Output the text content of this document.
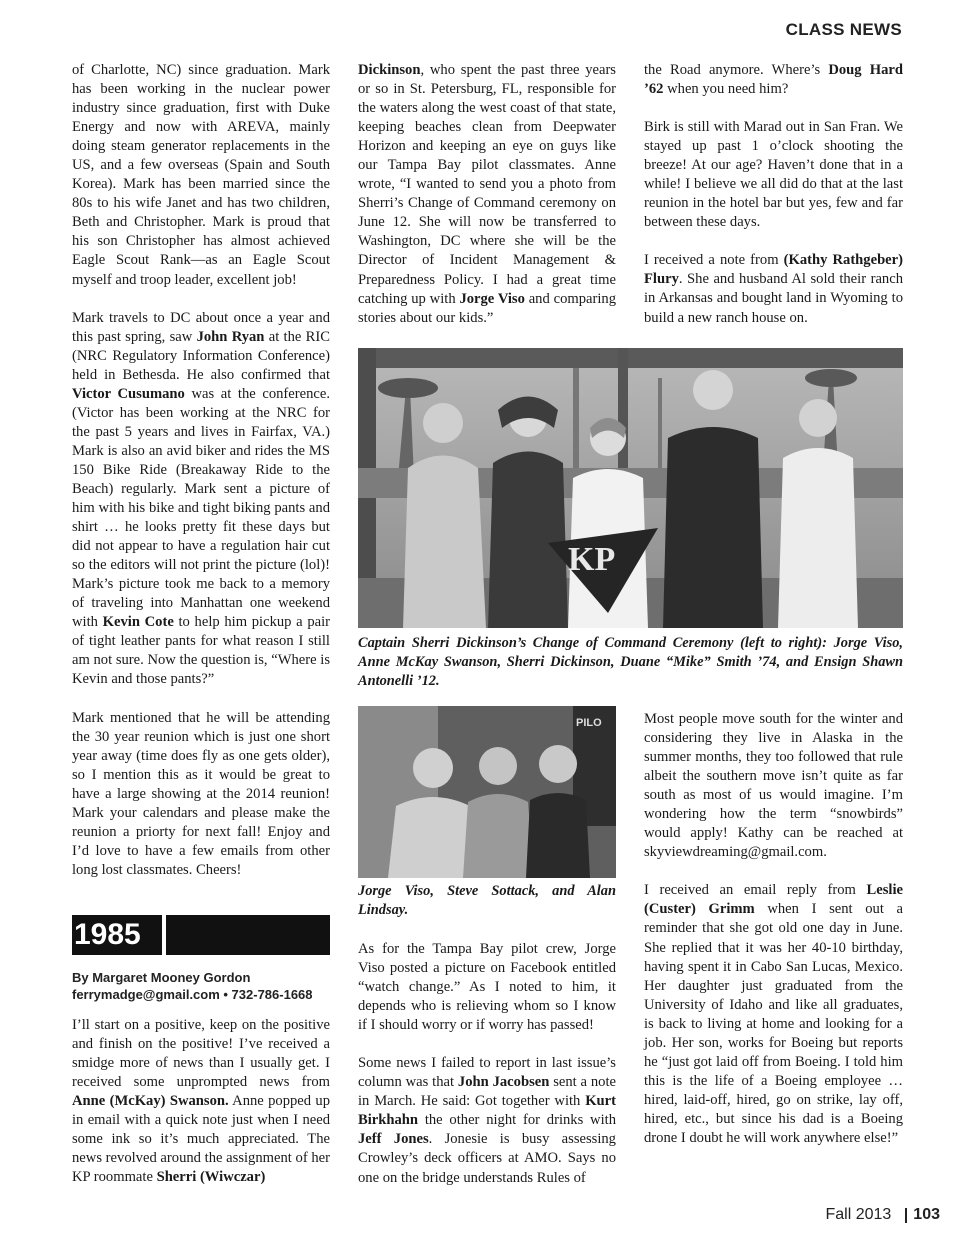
CLASS NEWS

of Charlotte, NC) since graduation. Mark has been working in the nuclear power industry since graduation, first with Duke Energy and now with AREVA, mainly doing steam generator replacements in the US, and a few overseas (Spain and South Korea). Mark has been married since the 80s to his wife Janet and has two children, Beth and Christopher. Mark is proud that his son Christopher has almost achieved Eagle Scout Rank—as an Eagle Scout myself and troop leader, excellent job!

Mark travels to DC about once a year and this past spring, saw John Ryan at the RIC (NRC Regulatory Information Conference) held in Bethesda. He also confirmed that Victor Cusumano was at the conference. (Victor has been working at the NRC for the past 5 years and lives in Fairfax, VA.) Mark is also an avid biker and rides the MS 150 Bike Ride (Breakaway Ride to the Beach) regularly. Mark sent a picture of him with his bike and tight biking pants and shirt … he looks pretty fit these days but did not appear to have a regulation hair cut so the editors will not print the picture (lol)! Mark’s picture took me back to a memory of traveling into Manhattan one weekend with Kevin Cote to help him pickup a pair of tight leather pants for what reason I still am not sure. Now the question is, “Where is Kevin and those pants?”

Mark mentioned that he will be attending the 30 year reunion which is just one short year away (time does fly as one gets older), so I mention this as it would be great to have a large showing at the 2014 reunion! Mark your calendars and please make the reunion a priorty for next fall! Enjoy and I’d love to have a few emails from other long lost classmates. Cheers!

1985
By Margaret Mooney Gordon
ferrymadge@gmail.com • 732-786-1668

I’ll start on a positive, keep on the positive and finish on the positive! I’ve received a smidge more of news than I usually get. I received some unprompted news from Anne (McKay) Swanson. Anne popped up in email with a quick note just when I need some ink so it’s much appreciated. The news revolved around the assignment of her KP roommate Sherri (Wiwczar)

Dickinson, who spent the past three years or so in St. Petersburg, FL, responsible for the waters along the west coast of that state, keeping beaches clean from Deepwater Horizon and keeping an eye on guys like our Tampa Bay pilot classmates. Anne wrote, “I wanted to send you a photo from Sherri’s Change of Command ceremony on June 12. She will now be transferred to Washington, DC where she will be the Director of Incident Management & Preparedness Policy. I had a great time catching up with Jorge Viso and comparing stories about our kids.”

the Road anymore. Where’s Doug Hard ’62 when you need him?

Birk is still with Marad out in San Fran. We stayed up past 1 o’clock shooting the breeze! At our age? Haven’t done that in a while! I believe we all did do that at the last reunion in the hotel bar but yes, few and far between these days.

I received a note from (Kathy Rathgeber) Flury. She and husband Al sold their ranch in Arkansas and bought land in Wyoming to build a new ranch house on.

KP
Captain Sherri Dickinson’s Change of Command Ceremony (left to right): Jorge Viso, Anne McKay Swanson, Sherri Dickinson, Duane “Mike” Smith ’74, and Ensign Shawn Antonelli ’12.
PILO
Jorge Viso, Steve Sottack, and Alan Lindsay.

As for the Tampa Bay pilot crew, Jorge Viso posted a picture on Facebook entitled “watch change.” As I noted to him, it depends who is relieving whom so I know if I should worry or if worry has passed!

Some news I failed to report in last issue’s column was that John Jacobsen sent a note in March. He said: Got together with Kurt Birkhahn the other night for drinks with Jeff Jones. Jonesie is busy assessing Crowley’s deck officers at AMO. Says no one on the bridge understands Rules of

Most people move south for the winter and considering they live in Alaska in the summer months, they too followed that rule albeit the southern move isn’t quite as far south as most of us would imagine. I’m wondering how the term “snowbirds” would apply! Kathy can be reached at skyviewdreaming@gmail.com.

I received an email reply from Leslie (Custer) Grimm when I sent out a reminder that she got old one day in June. She replied that it was her 40-10 birthday, having spent it in Cabo San Lucas, Mexico. Her daughter just graduated from the University of Idaho and like all graduates, is back to living at home and looking for a job. Her son, works for Boeing but reports he “just got laid off from Boeing. I told him this is the life of a Boeing employee … hired, laid-off, hired, go on strike, lay off, hired, etc., but since his dad is a Boeing drone I doubt he will work anywhere else!”

Fall 2013 103
